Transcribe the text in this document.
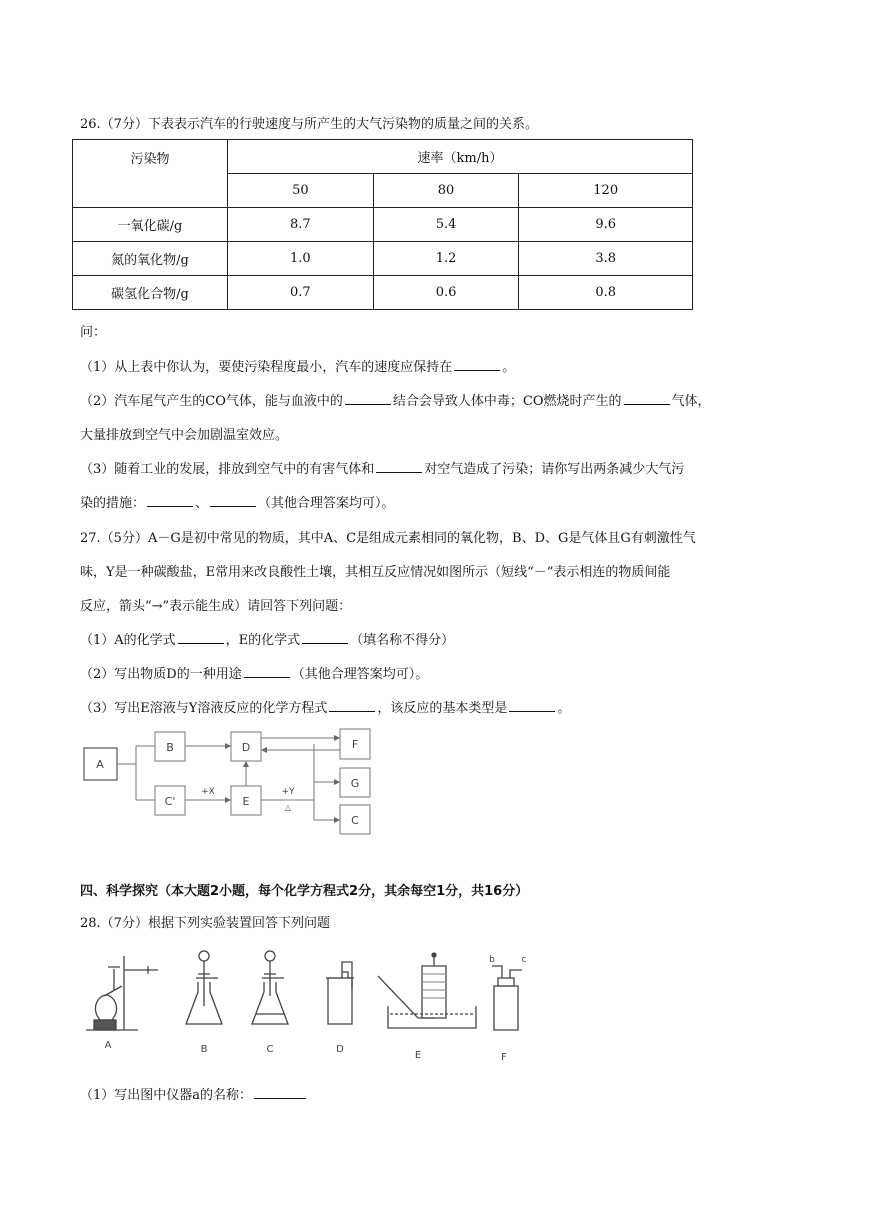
26.（7分）下表表示汽车的行驶速度与所产生的大气污染物的质量之间的关系。
污染物	速率（km/h）		
	50	80	120
一氧化碳/g	8.7	5.4	9.6
氮的氧化物/g	1.0	1.2	3.8
碳氢化合物/g	0.7	0.6	0.8
问：
（1）从上表中你认为，要使污染程度最小，汽车的速度应保持在	。
（2）汽车尾气产生的CO气体，能与血液中的	结合会导致人体中毒；CO燃烧时产生的	气体，
大量排放到空气中会加剧温室效应。
（3）随着工业的发展，排放到空气中的有害气体和	对空气造成了污染；请你写出两条减少大气污
染的措施：	、	（其他合理答案均可）。
27.（5分）A－G是初中常见的物质，其中A、C是组成元素相同的氧化物，B、D、G是气体且G有刺激性气
味，Y是一种碳酸盐，E常用来改良酸性土壤，其相互反应情况如图所示（短线“－”表示相连的物质间能
反应，箭头“→”表示能生成）请回答下列问题：
（1）A的化学式	，E的化学式	（填名称不得分）
（2）写出物质D的一种用途	（其他合理答案均可）。
（3）写出E溶液与Y溶液反应的化学方程式	，该反应的基本类型是	。
A
B
C'
D
E
F
G
C
+X	+Y
△
四、科学探究（本大题2小题，每个化学方程式2分，其余每空1分，共16分）
28.（7分）根据下列实验装置回答下列问题
A	B	C	D
E	F
b	c
（1）写出图中仪器a的名称：
